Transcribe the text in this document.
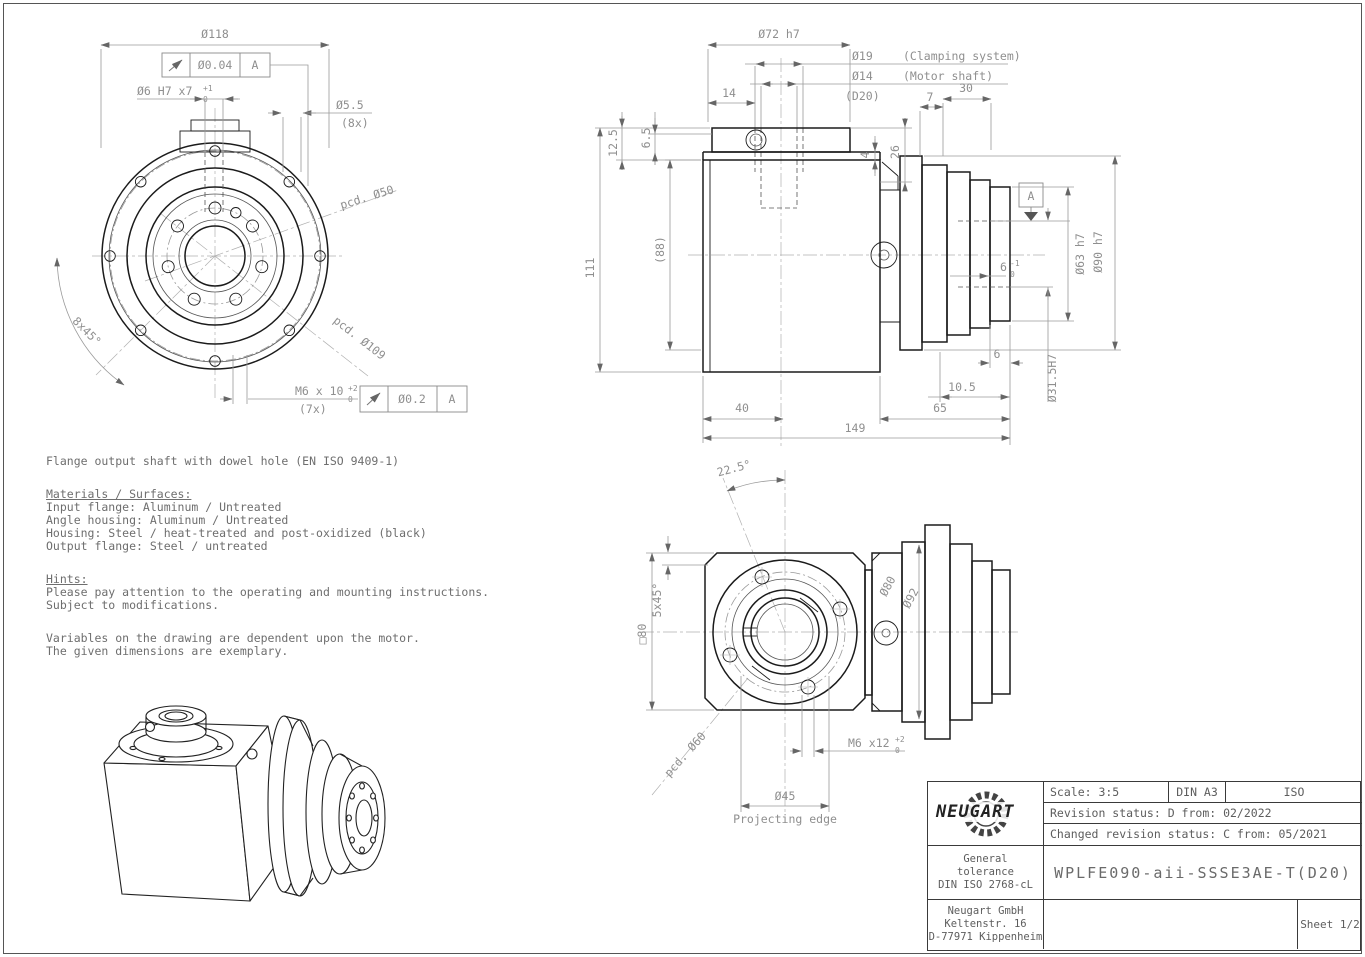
Ø118
Ø0.04 A
Ø6 H7 x7 +1
0	Ø5.5
(8x)
pcd. Ø50
pcd. Ø109
8x45°
M6 x 10 +2
0
(7x)
Ø0.2 A
Ø72 h7
Ø19	(Clamping system)
Ø14	(Motor shaft)
(D20)
14	30
7
12.5 6.5
4 26
111
(88)
A
6 -1
0	Ø63 h7 Ø90 h7
Ø31.5H7
6
10.5
40	65
149
22.5°
5x45°
□80
Ø80 Ø92
pcd. Ø60	M6 x12 +2
0
Ø45
Projecting edge
Flange output shaft with dowel hole (EN ISO 9409-1)
Materials / Surfaces:
Input flange: Aluminum / Untreated
Angle housing: Aluminum / Untreated
Housing: Steel / heat-treated and post-oxidized (black)
Output flange: Steel / untreated
Hints:
Please pay attention to the operating and mounting instructions.
Subject to modifications.
Variables on the drawing are dependent upon the motor.
The given dimensions are exemplary.
NEUGART
Scale: 3:5	DIN A3	ISO
Revision status: D from: 02/2022
Changed revision status: C from: 05/2021
General
tolerance
DIN ISO 2768-cL
WPLFE090-aii-SSSE3AE-T(D20)
Neugart GmbH
Keltenstr. 16
D-77971 Kippenheim
Sheet 1/2
